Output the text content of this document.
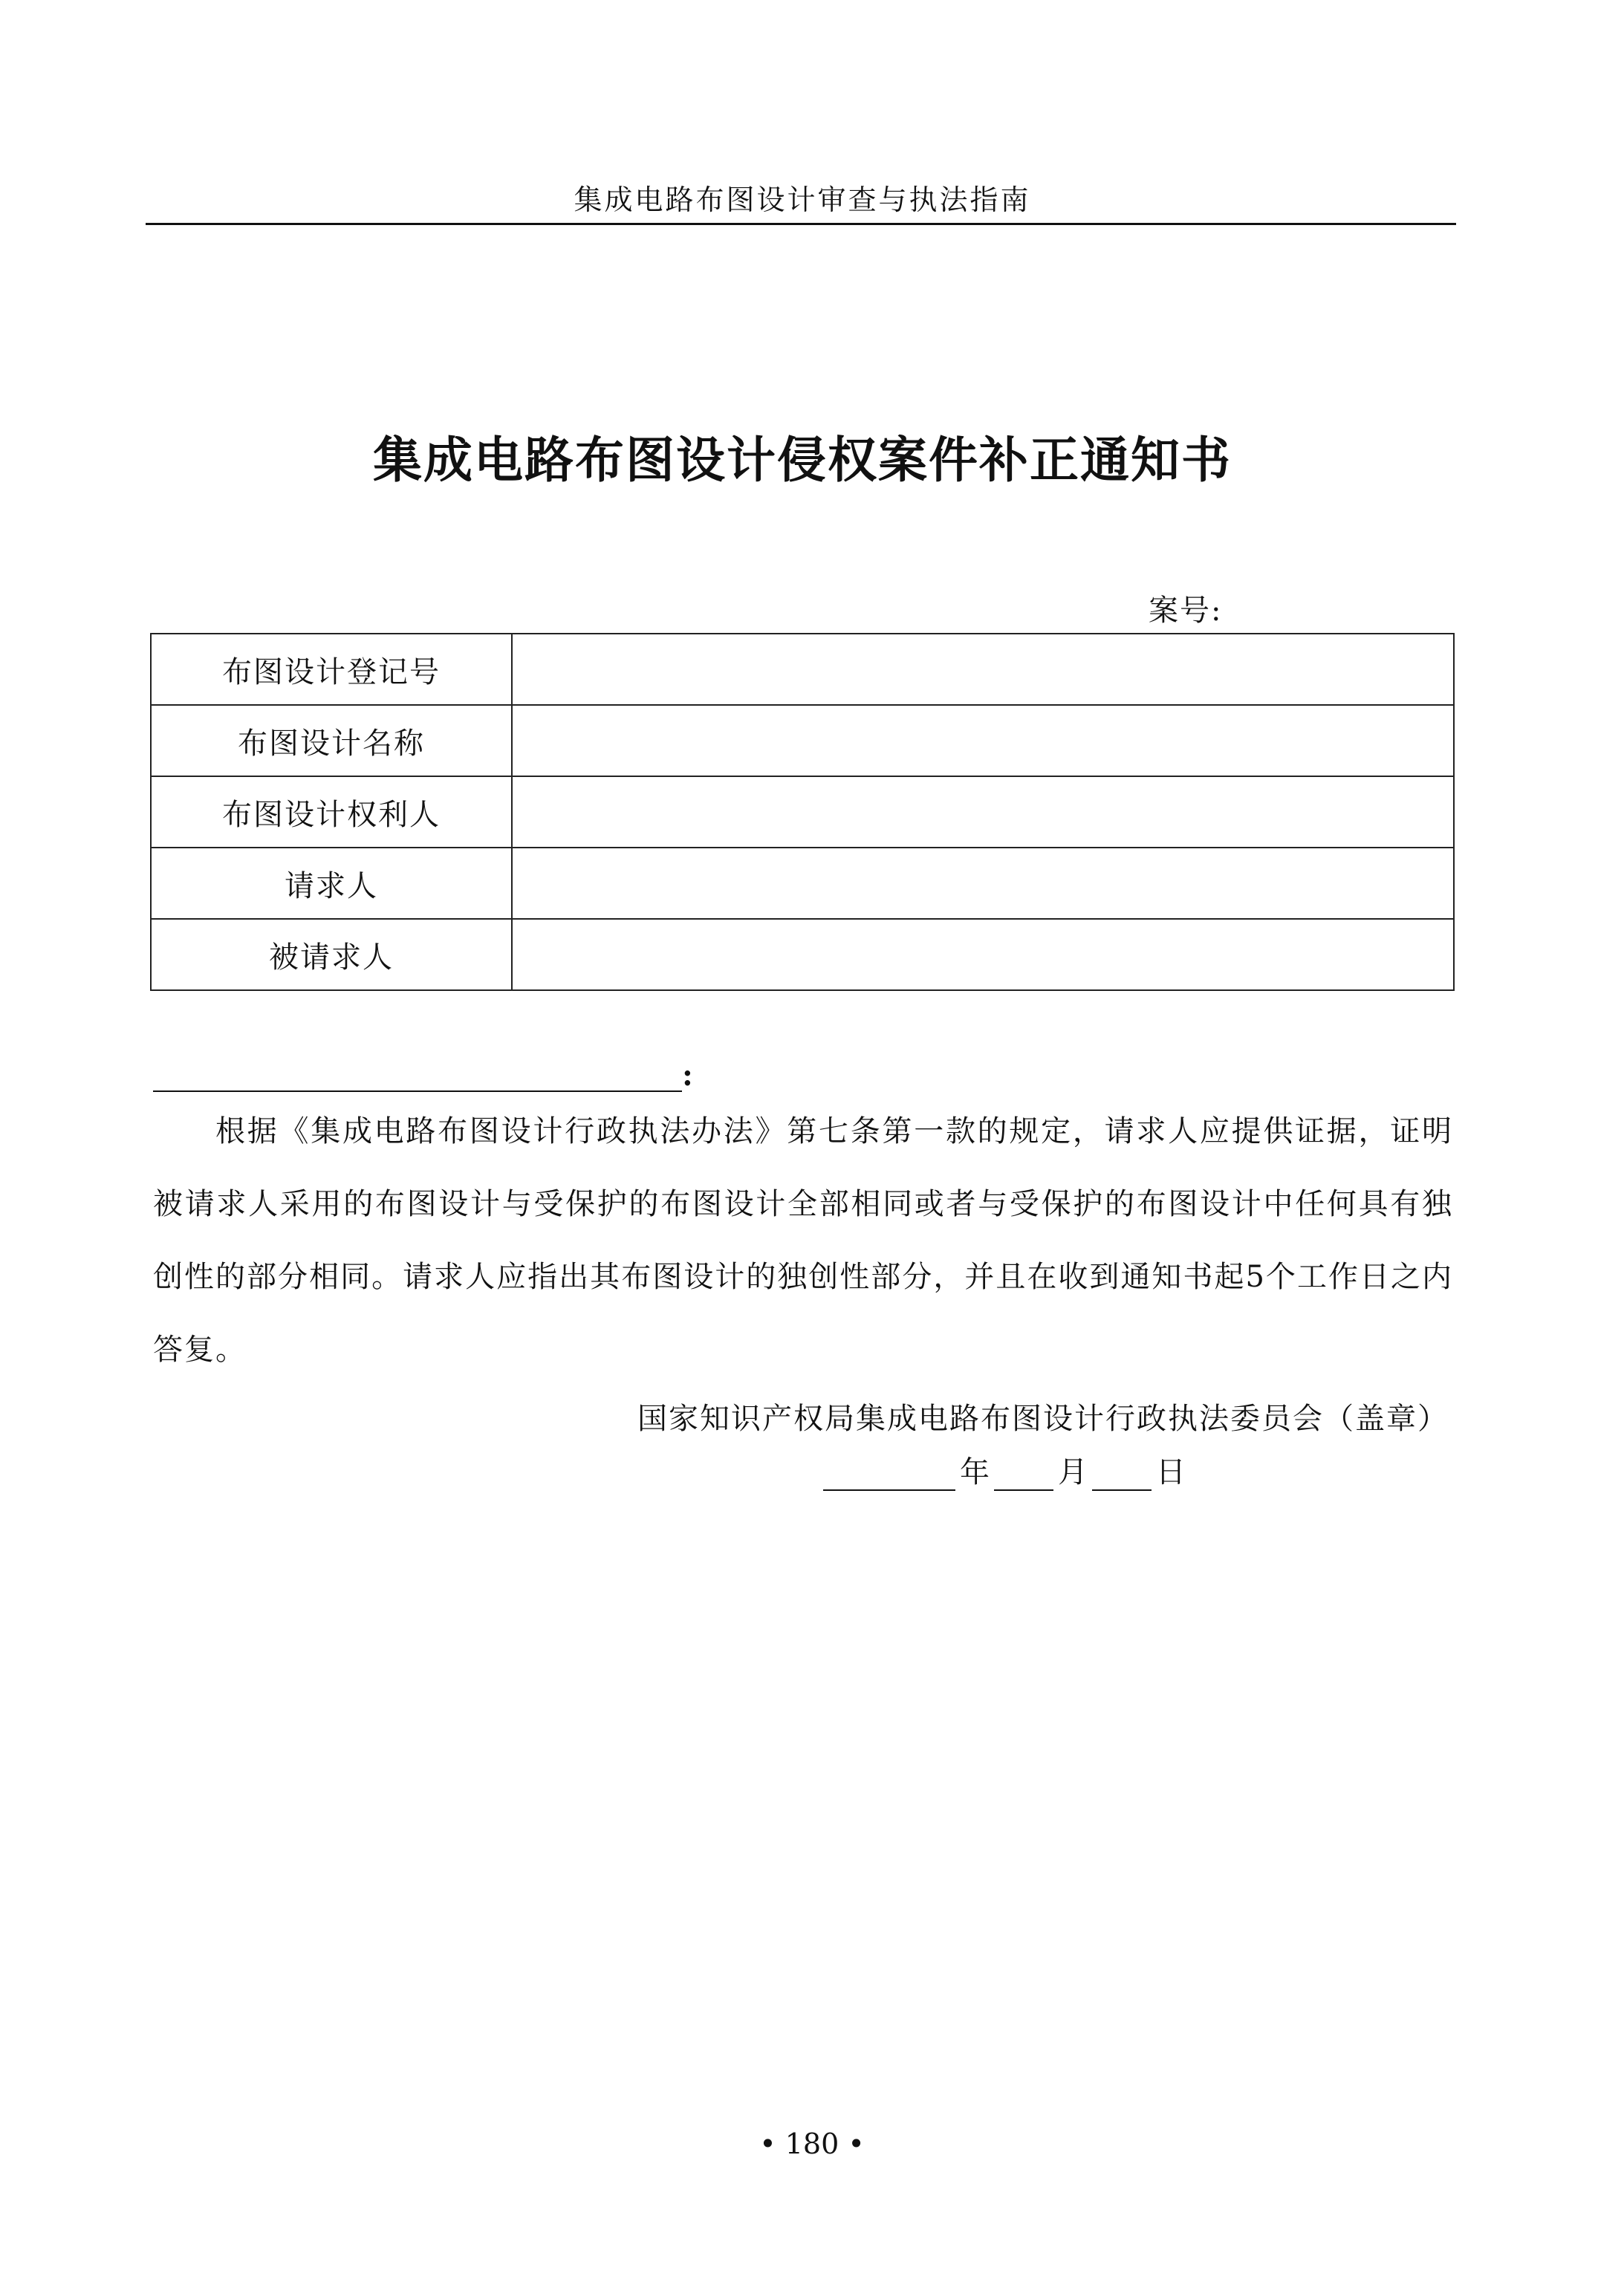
集成电路布图设计审查与执法指南
集成电路布图设计侵权案件补正通知书
案号:
布图设计登记号	
布图设计名称	
布图设计权利人	
请求人	
被请求人	
:
根据《集成电路布图设计行政执法办法》第七条第一款的规定，请求人应提供证据，证明被请求人采用的布图设计与受保护的布图设计全部相同或者与受保护的布图设计中任何具有独创性的部分相同。请求人应指出其布图设计的独创性部分，并且在收到通知书起5个工作日之内答复。
国家知识产权局集成电路布图设计行政执法委员会（盖章）
年 月 日
• 180 •
